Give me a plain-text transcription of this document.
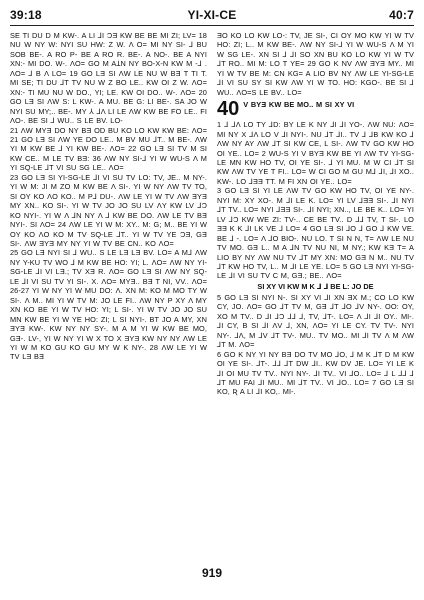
39:18	YI-XI-CE	40:7

SE TI DU D M KW-. A LI ⅃I ƆƎ KW BE BE MI ZI; LV= 18 NU W NY W: NYI SU HW: Z W. Λ O= MI NY SI- ⅃ BU SOB BE-. A RO P- BE A RO R. BE-. A NO-. BE A NYI XN:- MI DO. W-. ΛO= GO M AꞱN NY BO-X-N KW M -⅃ . ΛO= ⅃ B Λ LO= 19 GO LƎ SI ΛW LE NU W BƎ T TI T. MI SE; TI DU ⅃T TV NU W Z BO LE.. KW OI Z W. ΛO= XN:- TI MU NU W DO., YI; LE. KW OI DO.. W-. ΛO= 20 GO LƎ SI ΛW S: L KW-. A MU. BE G: LI BE-. SA JO W NYI SU MY;.. BE-. MY ⅄ ⅃Λ LI LE ΛW KW BE FO LE.. FI ΛO-. BE SI ⅃ WU.. S LE BV. LO-

21 ΛW MYƎ DO NY BƎ OD BU KO LO KW KW BE: ΛO= 21 GO LƎ SI ΛW YE DO LE.. M BV MU ⅃T.. M BE-. ΛW YI M KW BE ⅃ YI KW BE-. ΛO= 22 GO LƎ SI TV M SI KW CE.. M LE TV BƎ: 36 ΛW NY SI-⅃ YI W WU-S Λ M YI SQ-LE ⅃T VI SU SG LE.. ΛO=

23 GO LƎ SI YI-SG-LE ⅃I VI SU TV LO: TV, JE.. M NY-. YI W M: JI M ZO M KW BE Λ SI-. YI W NY ΛW TV TO, SI OY KO ΛO KO.. M P⅃ DU-. ΛW LE YI W TV ΛW ƎYƎ MY XN.. KO SI-. YI W TV JO JO SU LV ΛY KW LV ⅃Ɔ KO NYI-. YI W Λ ⅃N NY Λ ⅃ KW BE DO. ΛW LE TV BƎ NYI-. SI ΛO= 24 ΛW LE YI W M: XY.. M: G; M.. BE YI W OY KO ΛO KO M TV SQ-LE ⅃T.. YI W TV YE ƆƎ, GƎ SI-. ΛW ƎYƎ MY NY YI W TV BE CN.. KO ΛO=

25 GO LƎ NYI SI ⅃ WU.. S LE LƎ LƎ BV. LO= A M⅃ ΛW NY Y-KU TV WO ⅃ M KW BE HO: YI; L. ΛO= ΛW NY YI-SG-LE ⅃I VI LƎ.; TV XƎ R. ΛO= GO LƎ SI ΛW NY SQ-LE ⅃I VI SU TV YI SI-. X. ΛO= MYƎ.. BƎ T NI, VV.. ΛO= 26-27 YI W NY YI W MU DO: Λ. XN M: KO M MO TY W SI-. Λ M.. MI YI W TV M: JO LE FI.. ΛW NY P XY Λ MY XN KO BE YI W TV HO: YI; L SI-. YI W TV JO JO SU MN KW BE YI W YE HO: ZI; L SI NYI-. BT JO A MY, XN ƎYƎ KW-. KW NY NY SY-. M A M YI W KW BE MO, GƎ-. LV-, YI W NY YI W X TO X ƎYƎ KW NY NY ΛW LE YI W M KO GU KO GU MY W K NY-. 28 ΛW LE YI W TV LƎ BƎ

ƎO KO LO KW LO-: TV, JE SI-, CI OY MO KW YI W TV HO: ZI; L.. M KW BE-. ΛW NY SI-⅃ YI W WU-S Λ M YI W SG LE-. XN SI ⅃ ⅃I SO XN BU KO LO KW YI W TV ⅃T RO.. MI M: LO T YE= 29 GO K NV ΛW ƎYƎ MY.. MI YI W TV BE M: CN KG= A LIO BV NY ΛW LE YI-SG-LE ⅃I VI SU SY SI KW ΛW YI W TO. HO: KGO-. BE SI ⅃ WU.. ΛO=S LE BV.. LO=

40 V BYƎ KW BE MO.. M SI XY VI

1 ⅃ ⅃Λ LO TY ⅃D: BY LE K NY ⅃I ⅃I YO-. ΛW NU: ΛO= MI NY X ⅃Λ LO V ⅃I NYI-. NU ⅃T ⅃I.. TV ⅃ ⅃B KW KO ⅃ ΛW NY AY ΛW ⅃T SI KW CE, L SI-. ΛW TV GO KW HO OI YE.. LO= 2 WU-S YI V BYƎ KW BE YI ΛW TV YI-SG-LE MN KW HO TV, OI YE SI-. ⅃ YI MU. M W CI ⅃T SI KW ΛW TV YE T FI.. LO= W CI GO M GU M⅃ ⅃I, ⅃I XO.. KW-. LO ⅃ƎƎ TT. M FI XN OI YE.. LO=

3 GO LƎ SI YI LE ΛW TV GO KW HO TV, OI YE NY-. NYI M: XY XO-. M ⅃I LE K. LO= YI LV ⅃ƎƎ SI-. ⅃I NYI ⅃T TV.. LO= NYI ⅃ƎƎ SI-. ⅃I NYI; XN.., LE BE K.. LO= YI LV ⅃Ɔ KW WE ZI: TV-.. CE BE TV.. D ⅃⅃ TV, T SI-. LO ƎƎ K K ⅃I LK VE ⅃ LO= 4 GO LƎ SI ⅃O ⅃ GO ⅃ KW VE. BE ⅃ -. LO= Λ ⅃O BIO-. NU LO. T SI N N, T= ΛW LE NU TV MO. GƎ L.. M A ⅃N TV NU NI, M NY.; KW KƎ T= A LIO BY NY ΛW NU TV ⅃T MY XN: MO GƎ N M.. NU TV ⅃T KW HO TV, L.. M ⅃I LE YE. LO= 5 GO LƎ NYI YI-SG-LE ⅃I VI SU TV C M, GƎ.; BE.. ΛO=

SI XY VI KW M K ⅃ ⅃ BE L: JO DE

5 GO LƎ SI NYI N-. SI XY VI ⅃I XN ƎX M.; CO LO KW CY, JO. ΛO= GO ⅃T TV M, GƎ ⅃T ⅃O ⅃V NY-. OO: OY, XO M TV.. D ⅃I ⅃Ɔ ⅃⅃ ⅃, TV, ⅃T-. LO= Λ ⅃I ⅃I OY.. MI-. ⅃I CY, B SI ⅃I ΛV ⅃, XN, ΛO= YI LE CY. TV TV-. NYI NY-. ⅃Λ, M ⅃V ⅃T TV-. MU.. TV MO.. MI ⅃I TV Λ M ΛW ⅃T M. ΛO=

6 GO K NY YI NY BƎ DO TV MO ⅃O, ⅃ M K ⅃T D M KW OI YE SI-. ⅃T-. ⅃⅃ ⅃T DW ⅃I.. KW DV JE. LO= YI LE K ⅃I OI MU TV TV.. NYI NY-. ⅃I TV.. VI ⅃O.. LO= ⅃ L ⅃⅃ ⅃ ⅃T MU FAI ⅃I MU.. MI ⅃T TV.. VI ⅃O.. LO= 7 GO LƎ SI KO, Ʀ A LI ⅃I KO,. MI-.

919
